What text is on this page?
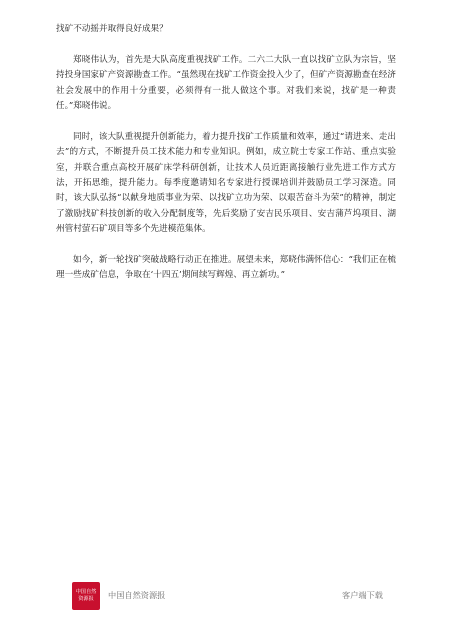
找矿不动摇并取得良好成果？

郑晓伟认为，首先是大队高度重视找矿工作。二六二大队一直以找矿立队为宗旨，坚持投身国家矿产资源勘查工作。“虽然现在找矿工作资金投入少了，但矿产资源勘查在经济社会发展中的作用十分重要，必须得有一批人做这个事。对我们来说，找矿是一种责任。”郑晓伟说。

同时，该大队重视提升创新能力，着力提升找矿工作质量和效率，通过“请进来、走出去”的方式，不断提升员工技术能力和专业知识。例如，成立院士专家工作站、重点实验室，并联合重点高校开展矿床学科研创新，让技术人员近距离接触行业先进工作方式方法，开拓思维，提升能力。每季度邀请知名专家进行授课培训并鼓励员工学习深造。同时，该大队弘扬“以献身地质事业为荣、以找矿立功为荣、以艰苦奋斗为荣”的精神，制定了激励找矿科技创新的收入分配制度等，先后奖励了安吉民乐项目、安吉蒲芦坞项目、湖州管村萤石矿项目等多个先进模范集体。

如今，新一轮找矿突破战略行动正在推进。展望未来，郑晓伟满怀信心：“我们正在梳理一些成矿信息，争取在‘十四五’期间续写辉煌、再立新功。”

中国自然
资源报 中国自然资源报	客户端下载
